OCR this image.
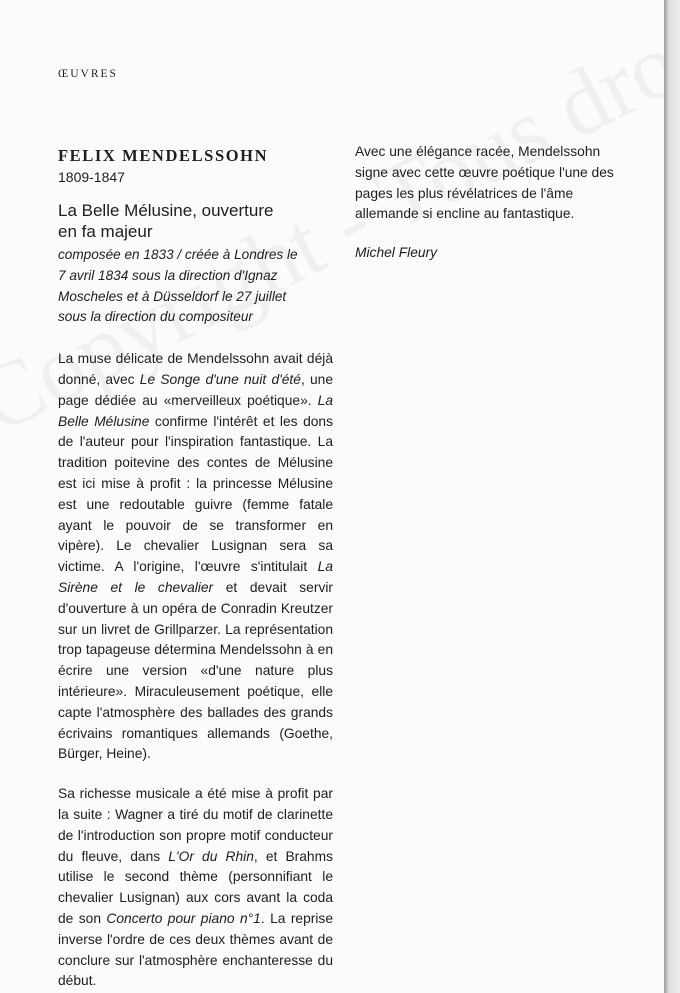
ŒUVRES
FELIX MENDELSSOHN
1809-1847
La Belle Mélusine, ouverture
en fa majeur
composée en 1833 / créée à Londres le
7 avril 1834 sous la direction d'Ignaz
Moscheles et à Düsseldorf le 27 juillet
sous la direction du compositeur

La muse délicate de Mendelssohn avait déjà donné, avec Le Songe d'une nuit d'été, une page dédiée au «merveilleux poétique». La Belle Mélusine confirme l'intérêt et les dons de l'auteur pour l'inspiration fantastique. La tradition poitevine des contes de Mélusine est ici mise à profit : la princesse Mélusine est une redoutable guivre (femme fatale ayant le pouvoir de se transformer en vipère). Le chevalier Lusignan sera sa victime. A l'origine, l'œuvre s'intitulait La Sirène et le chevalier et devait servir d'ouverture à un opéra de Conradin Kreutzer sur un livret de Grillparzer. La représentation trop tapageuse détermina Mendelssohn à en écrire une version «d'une nature plus intérieure». Miraculeusement poétique, elle capte l'atmosphère des ballades des grands écrivains romantiques allemands (Goethe, Bürger, Heine).

Sa richesse musicale a été mise à profit par la suite : Wagner a tiré du motif de clarinette de l'introduction son propre motif conducteur du fleuve, dans L'Or du Rhin, et Brahms utilise le second thème (personnifiant le chevalier Lusignan) aux cors avant la coda de son Concerto pour piano n°1. La reprise inverse l'ordre de ces deux thèmes avant de conclure sur l'atmosphère enchanteresse du début.

Avec une élégance racée, Mendelssohn signe avec cette œuvre poétique l'une des pages les plus révélatrices de l'âme allemande si encline au fantastique.

Michel Fleury
